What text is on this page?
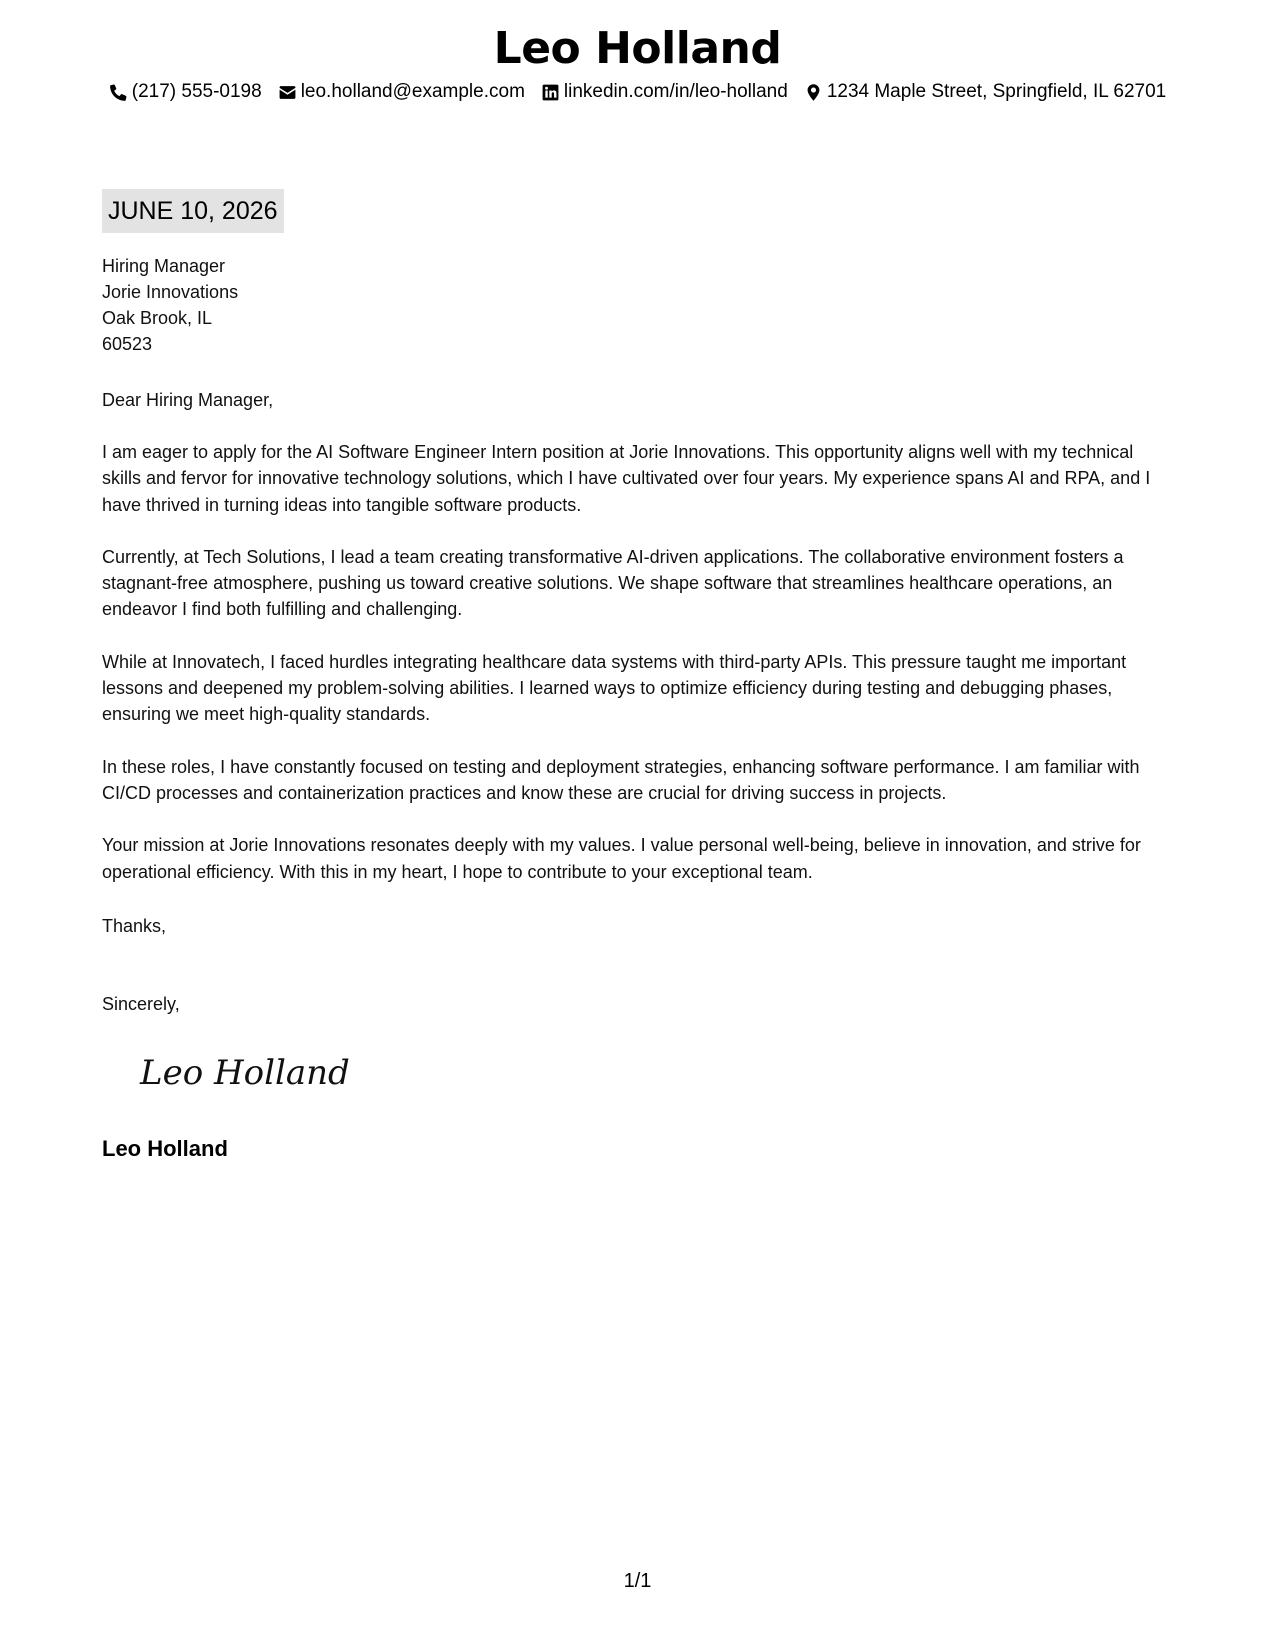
Leo Holland
(217) 555-0198 leo.holland@example.com linkedin.com/in/leo-holland 1234 Maple Street, Springfield, IL 62701
JUNE 10, 2026
Hiring Manager
Jorie Innovations
Oak Brook, IL
60523
Dear Hiring Manager,

I am eager to apply for the AI Software Engineer Intern position at Jorie Innovations. This opportunity aligns well with my technical skills and fervor for innovative technology solutions, which I have cultivated over four years. My experience spans AI and RPA, and I have thrived in turning ideas into tangible software products.

Currently, at Tech Solutions, I lead a team creating transformative AI-driven applications. The collaborative environment fosters a stagnant-free atmosphere, pushing us toward creative solutions. We shape software that streamlines healthcare operations, an endeavor I find both fulfilling and challenging.

While at Innovatech, I faced hurdles integrating healthcare data systems with third-party APIs. This pressure taught me important lessons and deepened my problem-solving abilities. I learned ways to optimize efficiency during testing and debugging phases, ensuring we meet high-quality standards.

In these roles, I have constantly focused on testing and deployment strategies, enhancing software performance. I am familiar with CI/CD processes and containerization practices and know these are crucial for driving success in projects.

Your mission at Jorie Innovations resonates deeply with my values. I value personal well-being, believe in innovation, and strive for operational efficiency. With this in my heart, I hope to contribute to your exceptional team.

Thanks,
Sincerely,
Leo Holland
Leo Holland
1/1
